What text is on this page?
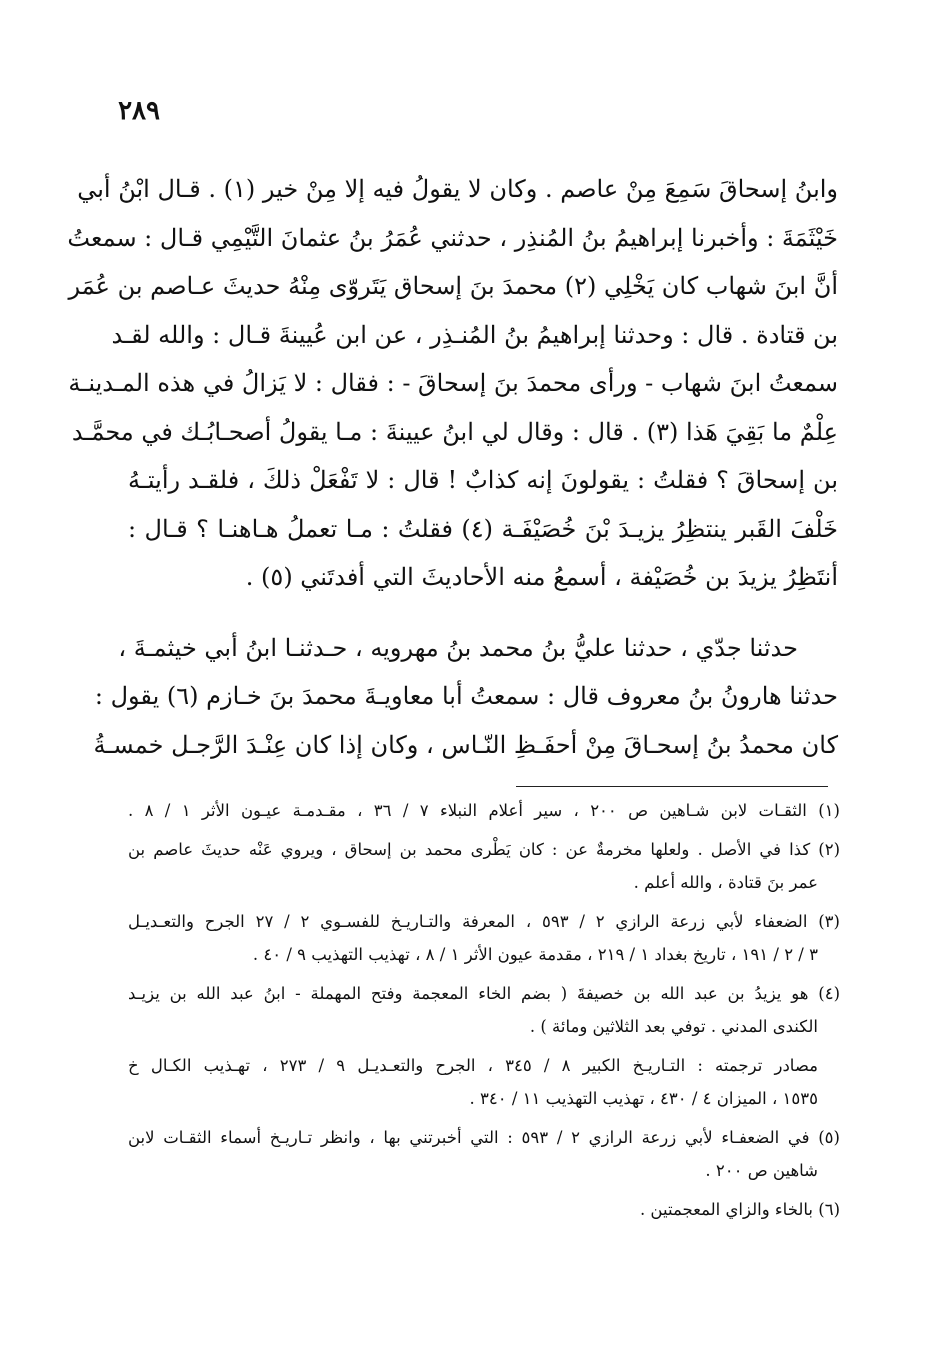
٢٨٩
وابنُ إسحاقَ سَمِعَ مِنْ عاصم . وكان لا يقولُ فيه إلا مِنْ خير (١) . قـال ابْنُ أبي
خَيْثَمَةَ : وأخبرنا إبراهيمُ بنُ المُنذِر ، حدثني عُمَرُ بنُ عثمانَ التَّيْمِي قـال : سمعتُ
أنَّ ابنَ شهاب كان يَخْلِي (٢) محمدَ بنَ إسحاق يَتَروّى مِنْهُ حديثَ عـاصم بن عُمَر
بن قتادة . قال : وحدثنا إبراهيمُ بنُ المُنـذِر ، عن ابن عُيينةَ قـال : والله لقـد
سمعتُ ابنَ شهاب - ورأى محمدَ بنَ إسحاقَ - : فقال : لا يَزالُ في هذه المـدينـة
عِلْمٌ ما بَقِيَ هَذا (٣) . قال : وقال لي ابنُ عيينةَ : مـا يقولُ أصحـابُـك في محمَّـد
بن إسحاقَ ؟ فقلتُ : يقولونَ إنه كذابٌ ! قال : لا تَفْعَلْ ذلكَ ، فلقـد رأيتـهُ
خَلْفَ القَبر ينتظِرُ يزيـدَ بْنَ خُصَيْفَـة (٤) فقلتُ : مـا تعملُ هـاهنـا ؟ قـال :
أنتَظِرُ يزيدَ بن خُصَيْفة ، أسمعُ منه الأحاديثَ التي أفدتَني (٥) .
حدثنا جدّي ، حدثنا عليُّ بنُ محمد بنُ مهرويه ، حـدثنـا ابنُ أبي خيثمـةَ ،
حدثنا هارونُ بنُ معروف قال : سمعتُ أبا معاويـةَ محمدَ بنَ خـازم (٦) يقول :
كان محمدُ بنُ إسحـاقَ مِنْ أحفَـظِ النّـاس ، وكان إذا كان عِنْـدَ الرَّجـل خمسـةُ
(١) الثقـات لابن شـاهين ص ٢٠٠ ، سير أعلام النبلاء ٧ / ٣٦ ، مقـدمـة عيـون الأثر ١ / ٨ .
(٢) كذا في الأصل . ولعلها مخرمةٌ عن : كان يَطْرى محمد بن إسحاق ، ويروي عَنْه حديثَ عاصم بن
عمر بنَ قتادة ، والله أعلم .
(٣) الضعفاء لأبي زرعة الرازي ٢ / ٥٩٣ ، المعرفة والتـاريـخ للفسـوي ٢ / ٢٧ الجرح والتعـديـل
٣ / ٢ / ١٩١ ، تاريخ بغداد ١ / ٢١٩ ، مقدمة عيون الأثر ١ / ٨ ، تهذيب التهذيب ٩ / ٤٠ .
(٤) هو يزيدُ بن عبد الله بن خصيفةَ ( بضم الخاء المعجمة وفتح المهملة - ابنُ عبد الله بن يزيـد
الكندى المدني . توفي بعد الثلاثين ومائة ) .
مصادر ترجمته : التـاريـخ الكبير ٨ / ٣٤٥ ، الجرح والتعـديـل ٩ / ٢٧٣ ، تهـذيب الكـال خ
١٥٣٥ ، الميزان ٤ / ٤٣٠ ، تهذيب التهذيب ١١ / ٣٤٠ .
(٥) في الضعفـاء لأبي زرعة الرازي ٢ / ٥٩٣ : التي أخبرتني بها ، وانظر تـاريـخ أسماء الثقـات لابن
شاهين ص ٢٠٠ .
(٦) بالخاء والزاي المعجمتين .
